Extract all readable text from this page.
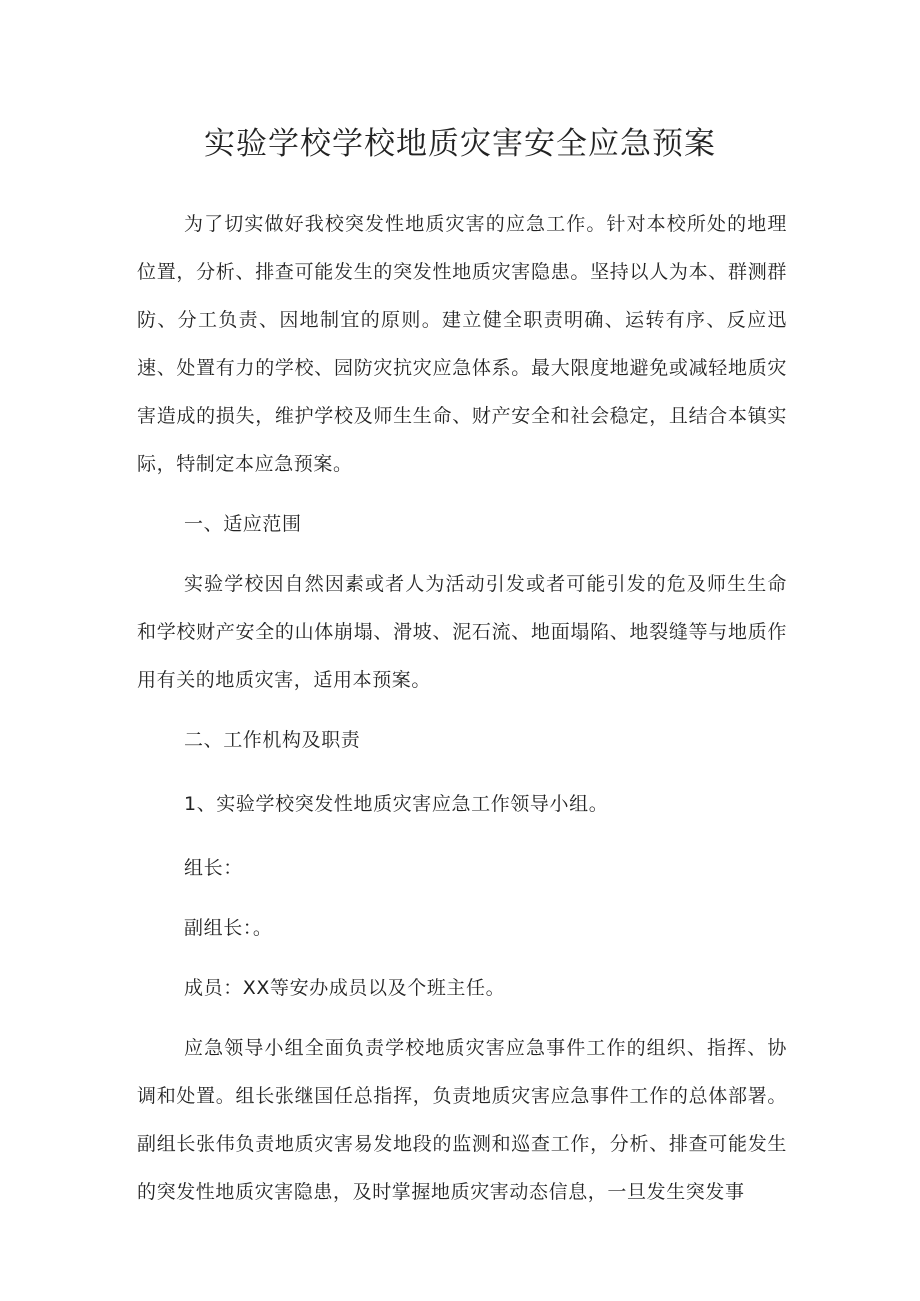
实验学校学校地质灾害安全应急预案

为了切实做好我校突发性地质灾害的应急工作。针对本校所处的地理位置，分析、排查可能发生的突发性地质灾害隐患。坚持以人为本、群测群防、分工负责、因地制宜的原则。建立健全职责明确、运转有序、反应迅速、处置有力的学校、园防灾抗灾应急体系。最大限度地避免或减轻地质灾害造成的损失，维护学校及师生生命、财产安全和社会稳定，且结合本镇实际，特制定本应急预案。

一、适应范围

实验学校因自然因素或者人为活动引发或者可能引发的危及师生生命和学校财产安全的山体崩塌、滑坡、泥石流、地面塌陷、地裂缝等与地质作用有关的地质灾害，适用本预案。

二、工作机构及职责

1、实验学校突发性地质灾害应急工作领导小组。

组长：

副组长：。

成员：XX等安办成员以及个班主任。

应急领导小组全面负责学校地质灾害应急事件工作的组织、指挥、协调和处置。组长张继国任总指挥，负责地质灾害应急事件工作的总体部署。副组长张伟负责地质灾害易发地段的监测和巡查工作，分析、排查可能发生的突发性地质灾害隐患，及时掌握地质灾害动态信息，一旦发生突发事
